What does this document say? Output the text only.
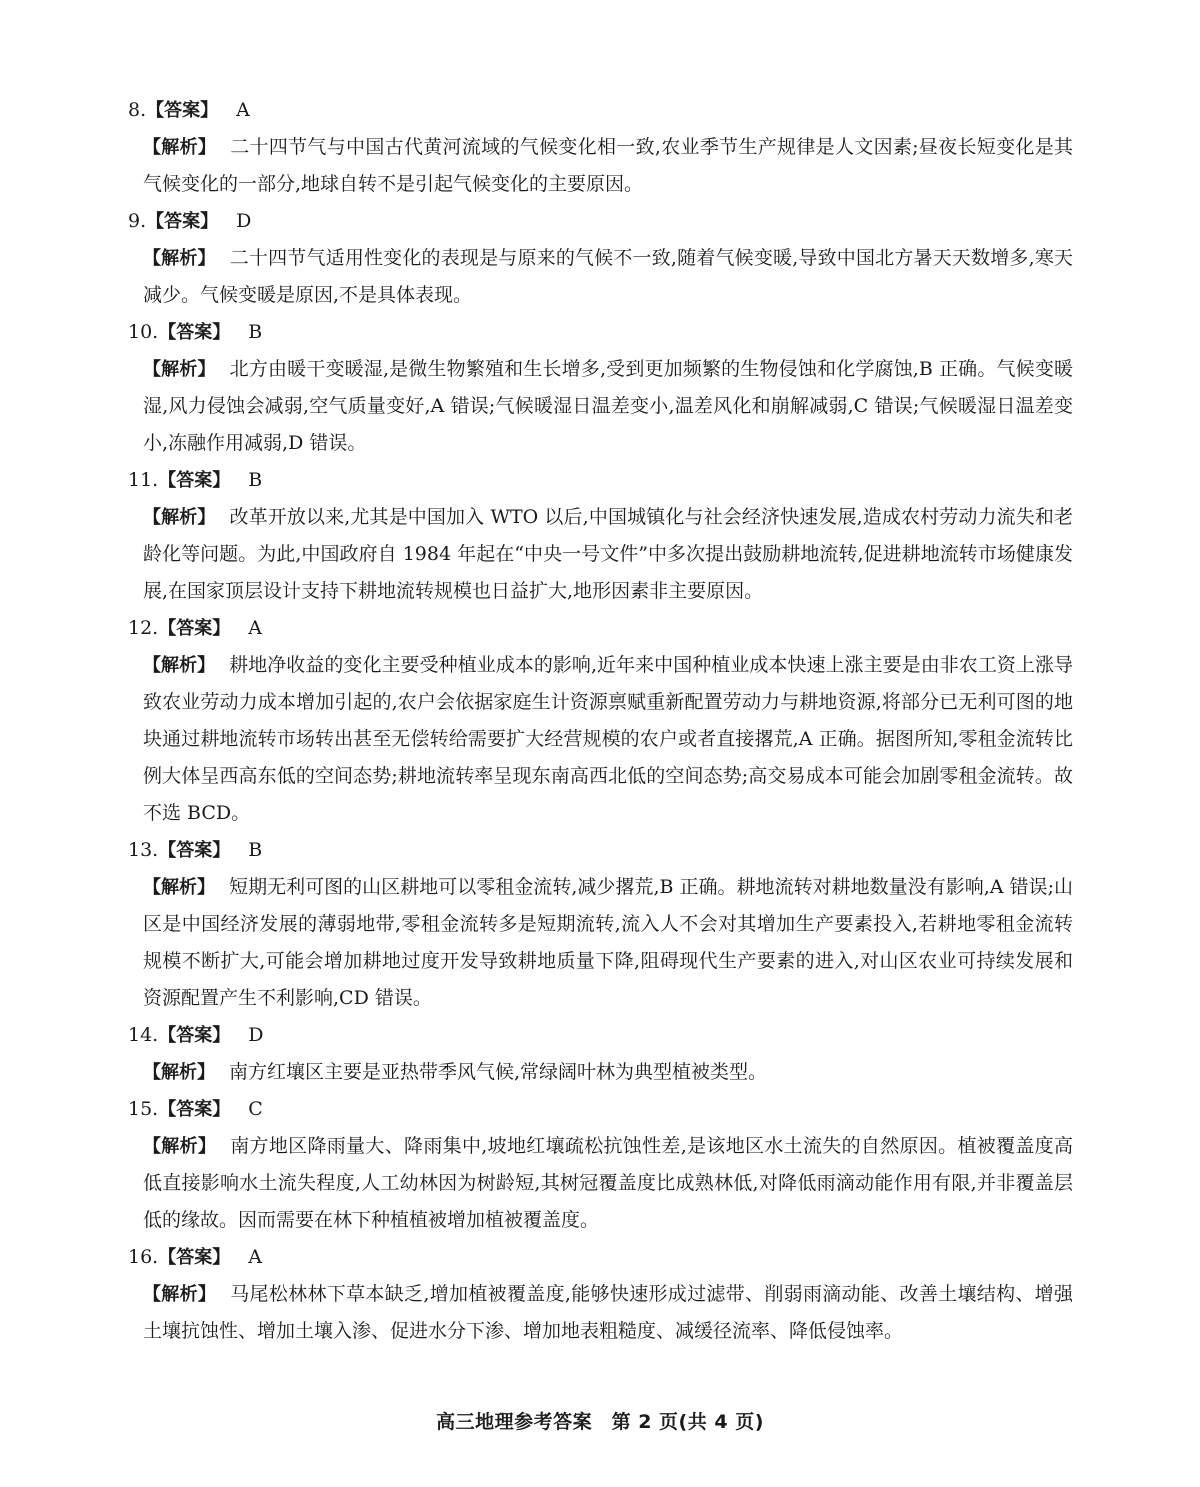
8.【答案】 A
【解析】 二十四节气与中国古代黄河流域的气候变化相一致,农业季节生产规律是人文因素;昼夜长短变化是其气候变化的一部分,地球自转不是引起气候变化的主要原因。
9.【答案】 D
【解析】 二十四节气适用性变化的表现是与原来的气候不一致,随着气候变暖,导致中国北方暑天天数增多,寒天减少。气候变暖是原因,不是具体表现。
10.【答案】 B
【解析】 北方由暖干变暖湿,是微生物繁殖和生长增多,受到更加频繁的生物侵蚀和化学腐蚀,B 正确。气候变暖湿,风力侵蚀会减弱,空气质量变好,A 错误;气候暖湿日温差变小,温差风化和崩解减弱,C 错误;气候暖湿日温差变小,冻融作用减弱,D 错误。
11.【答案】 B
【解析】 改革开放以来,尤其是中国加入 WTO 以后,中国城镇化与社会经济快速发展,造成农村劳动力流失和老龄化等问题。为此,中国政府自 1984 年起在“中央一号文件”中多次提出鼓励耕地流转,促进耕地流转市场健康发展,在国家顶层设计支持下耕地流转规模也日益扩大,地形因素非主要原因。
12.【答案】 A
【解析】 耕地净收益的变化主要受种植业成本的影响,近年来中国种植业成本快速上涨主要是由非农工资上涨导致农业劳动力成本增加引起的,农户会依据家庭生计资源禀赋重新配置劳动力与耕地资源,将部分已无利可图的地块通过耕地流转市场转出甚至无偿转给需要扩大经营规模的农户或者直接撂荒,A 正确。据图所知,零租金流转比例大体呈西高东低的空间态势;耕地流转率呈现东南高西北低的空间态势;高交易成本可能会加剧零租金流转。故不选 BCD。
13.【答案】 B
【解析】 短期无利可图的山区耕地可以零租金流转,减少撂荒,B 正确。耕地流转对耕地数量没有影响,A 错误;山区是中国经济发展的薄弱地带,零租金流转多是短期流转,流入人不会对其增加生产要素投入,若耕地零租金流转规模不断扩大,可能会增加耕地过度开发导致耕地质量下降,阻碍现代生产要素的进入,对山区农业可持续发展和资源配置产生不利影响,CD 错误。
14.【答案】 D
【解析】 南方红壤区主要是亚热带季风气候,常绿阔叶林为典型植被类型。
15.【答案】 C
【解析】 南方地区降雨量大、降雨集中,坡地红壤疏松抗蚀性差,是该地区水土流失的自然原因。植被覆盖度高低直接影响水土流失程度,人工幼林因为树龄短,其树冠覆盖度比成熟林低,对降低雨滴动能作用有限,并非覆盖层低的缘故。因而需要在林下种植植被增加植被覆盖度。
16.【答案】 A
【解析】 马尾松林林下草本缺乏,增加植被覆盖度,能够快速形成过滤带、削弱雨滴动能、改善土壤结构、增强土壤抗蚀性、增加土壤入渗、促进水分下渗、增加地表粗糙度、减缓径流率、降低侵蚀率。
高三地理参考答案　第 2 页(共 4 页)
